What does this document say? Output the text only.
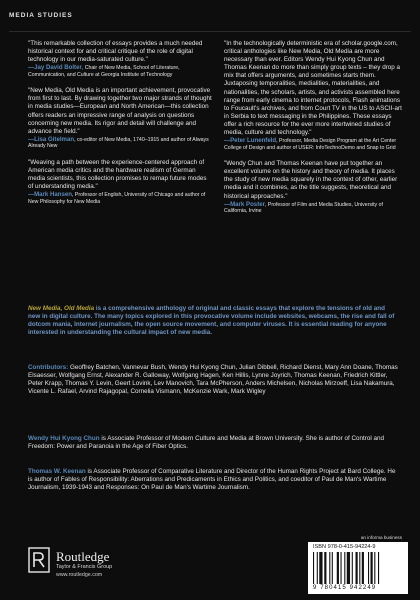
MEDIA STUDIES

"This remarkable collection of essays provides a much needed historical context for and critical critique of the role of digital technology in our media-saturated culture."

—Jay David Bolter, Chair of New Media, School of Literature, Communication, and Culture at Georgia Institute of Technology

"New Media, Old Media is an important achievement, provocative from first to last. By drawing together two major strands of thought in media studies—European and North American—this collection offers readers an impressive range of analysis on questions concerning new media. Its rigor and detail will challenge and advance the field."

—Lisa Gitelman, co-editor of New Media, 1740–1915 and author of Always Already New

"Weaving a path between the experience-centered approach of American media critics and the hardware realism of German media scientists, this collection promises to remap future modes of understanding media."

—Mark Hansen, Professor of English, University of Chicago and author of New Philosophy for New Media

"In the technologically deterministic era of scholar.google.com, critical anthologies like New Media, Old Media are more necessary than ever. Editors Wendy Hui Kyong Chun and Thomas Keenan do more than simply group texts – they drop a mix that offers arguments, and sometimes starts them. Juxtaposing temporalities, medialities, materialities, and nationalities, the scholars, artists, and activists assembled here range from early cinema to internet protocols, Flash animations to Foucault's archives, and from Court TV in the US to ASCII-art in Serbia to text messaging in the Philippines. These essays offer a rich resource for the ever more intertwined studies of media, culture and technology."

—Peter Lunenfeld, Professor, Media Design Program at the Art Center College of Design and author of USER: InfoTechnoDemo and Snap to Grid

"Wendy Chun and Thomas Keenan have put together an excellent volume on the history and theory of media. It places the study of new media squarely in the context of other, earlier media and it combines, as the title suggests, theoretical and historical approaches."

—Mark Poster, Professor of Film and Media Studies, University of California, Irvine
New Media, Old Media is a comprehensive anthology of original and classic essays that explore the tensions of old and new in digital culture. The many topics explored in this provocative volume include websites, webcams, the rise and fall of dotcom mania, Internet journalism, the open source movement, and computer viruses. It is essential reading for anyone interested in understanding the cultural impact of new media.
Contributors: Geoffrey Batchen, Vannevar Bush, Wendy Hui Kyong Chun, Julian Dibbell, Richard Dienst, Mary Ann Doane, Thomas Elsaesser, Wolfgang Ernst, Alexander R. Galloway, Wolfgang Hagen, Ken Hillis, Lynne Joyrich, Thomas Keenan, Friedrich Kittler, Peter Krapp, Thomas Y. Levin, Geert Lovink, Lev Manovich, Tara McPherson, Anders Michelsen, Nicholas Mirzoeff, Lisa Nakamura, Vicente L. Rafael, Arvind Rajagopal, Cornelia Vismann, McKenzie Wark, Mark Wigley
Wendy Hui Kyong Chun is Associate Professor of Modern Culture and Media at Brown University. She is author of Control and Freedom: Power and Paranoia in the Age of Fiber Optics.
Thomas W. Keenan is Associate Professor of Comparative Literature and Director of the Human Rights Project at Bard College. He is author of Fables of Responsibility: Aberrations and Predicaments in Ethics and Politics, and coeditor of Paul de Man's Wartime Journalism, 1939-1943 and Responses: On Paul de Man's Wartime Journalism.
Routledge
Taylor & Francis Group
www.routledge.com
an informa business
ISBN 978-0-415-94224-9
9 780415 942249
